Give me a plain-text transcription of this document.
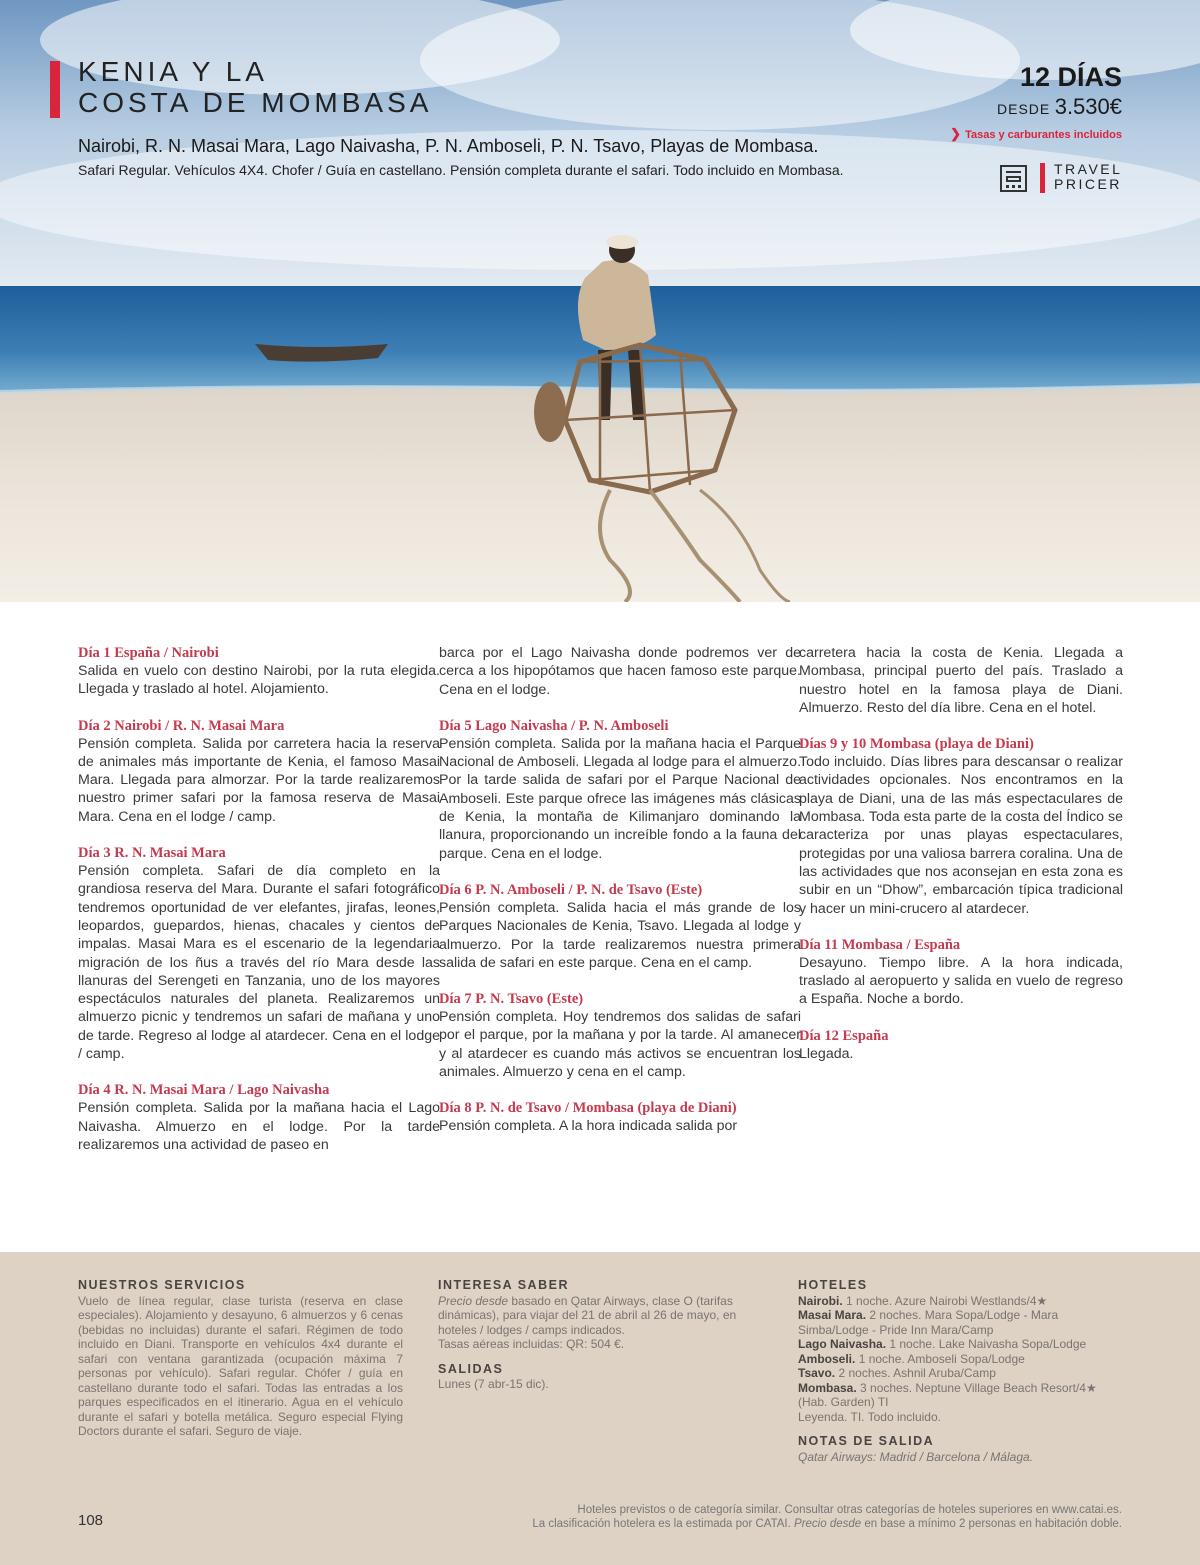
KENIA Y LA
COSTA DE MOMBASA
Nairobi, R. N. Masai Mara, Lago Naivasha, P. N. Amboseli, P. N. Tsavo, Playas de Mombasa.
Safari Regular. Vehículos 4X4. Chofer / Guía en castellano. Pensión completa durante el safari. Todo incluido en Mombasa.
12 DÍAS
DESDE 3.530€
❯ Tasas y carburantes incluidos
TRAVEL
PRICER
Día 1 España / Nairobi
Salida en vuelo con destino Nairobi, por la ruta elegida. Llegada y traslado al hotel. Alojamiento.
Día 2 Nairobi / R. N. Masai Mara
Pensión completa. Salida por carretera hacia la reserva de animales más importante de Kenia, el famoso Masai Mara. Llegada para almorzar. Por la tarde realizaremos nuestro primer safari por la famosa reserva de Masai Mara. Cena en el lodge / camp.
Día 3 R. N. Masai Mara
Pensión completa. Safari de día completo en la grandiosa reserva del Mara. Durante el safari fotográfico tendremos oportunidad de ver elefantes, jirafas, leones, leopardos, guepardos, hienas, chacales y cientos de impalas. Masai Mara es el escenario de la legendaria migración de los ñus a través del río Mara desde las llanuras del Serengeti en Tanzania, uno de los mayores espectáculos naturales del planeta. Realizaremos un almuerzo picnic y tendremos un safari de mañana y uno de tarde. Regreso al lodge al atardecer. Cena en el lodge / camp.
Día 4 R. N. Masai Mara / Lago Naivasha
Pensión completa. Salida por la mañana hacia el Lago Naivasha. Almuerzo en el lodge. Por la tarde realizaremos una actividad de paseo en
barca por el Lago Naivasha donde podremos ver de cerca a los hipopótamos que hacen famoso este parque. Cena en el lodge.
Día 5 Lago Naivasha / P. N. Amboseli
Pensión completa. Salida por la mañana hacia el Parque Nacional de Amboseli. Llegada al lodge para el almuerzo. Por la tarde salida de safari por el Parque Nacional de Amboseli. Este parque ofrece las imágenes más clásicas de Kenia, la montaña de Kilimanjaro dominando la llanura, proporcionando un increíble fondo a la fauna del parque. Cena en el lodge.
Día 6 P. N. Amboseli / P. N. de Tsavo (Este)
Pensión completa. Salida hacia el más grande de los Parques Nacionales de Kenia, Tsavo. Llegada al lodge y almuerzo. Por la tarde realizaremos nuestra primera salida de safari en este parque. Cena en el camp.
Día 7 P. N. Tsavo (Este)
Pensión completa. Hoy tendremos dos salidas de safari por el parque, por la mañana y por la tarde. Al amanecer y al atardecer es cuando más activos se encuentran los animales. Almuerzo y cena en el camp.
Día 8 P. N. de Tsavo / Mombasa (playa de Diani)
Pensión completa. A la hora indicada salida por
carretera hacia la costa de Kenia. Llegada a Mombasa, principal puerto del país. Traslado a nuestro hotel en la famosa playa de Diani. Almuerzo. Resto del día libre. Cena en el hotel.
Días 9 y 10 Mombasa (playa de Diani)
Todo incluido. Días libres para descansar o realizar actividades opcionales. Nos encontramos en la playa de Diani, una de las más espectaculares de Mombasa. Toda esta parte de la costa del Índico se caracteriza por unas playas espectaculares, protegidas por una valiosa barrera coralina. Una de las actividades que nos aconsejan en esta zona es subir en un “Dhow”, embarcación típica tradicional y hacer un mini-crucero al atardecer.
Día 11 Mombasa / España
Desayuno. Tiempo libre. A la hora indicada, traslado al aeropuerto y salida en vuelo de regreso a España. Noche a bordo.
Día 12 España
Llegada.
NUESTROS SERVICIOS
Vuelo de línea regular, clase turista (reserva en clase especiales). Alojamiento y desayuno, 6 almuerzos y 6 cenas (bebidas no incluidas) durante el safari. Régimen de todo incluido en Diani. Transporte en vehículos 4x4 durante el safari con ventana garantizada (ocupación máxima 7 personas por vehículo). Safari regular. Chófer / guía en castellano durante todo el safari. Todas las entradas a los parques especificados en el itinerario. Agua en el vehículo durante el safari y botella metálica. Seguro especial Flying Doctors durante el safari. Seguro de viaje.
INTERESA SABER
Precio desde basado en Qatar Airways, clase O (tarifas dinámicas), para viajar del 21 de abril al 26 de mayo, en hoteles / lodges / camps indicados.
Tasas aéreas incluidas: QR: 504 €.
SALIDAS
Lunes (7 abr-15 dic).
HOTELES
Nairobi. 1 noche. Azure Nairobi Westlands/4★
Masai Mara. 2 noches. Mara Sopa/Lodge - Mara Simba/Lodge - Pride Inn Mara/Camp
Lago Naivasha. 1 noche. Lake Naivasha Sopa/Lodge
Amboseli. 1 noche. Amboseli Sopa/Lodge
Tsavo. 2 noches. Ashnil Aruba/Camp
Mombasa. 3 noches. Neptune Village Beach Resort/4★ (Hab. Garden) TI
Leyenda. TI. Todo incluido.
NOTAS DE SALIDA
Qatar Airways: Madrid / Barcelona / Málaga.
108
Hoteles previstos o de categoría similar. Consultar otras categorías de hoteles superiores en www.catai.es.
La clasificación hotelera es la estimada por CATAI. Precio desde en base a mínimo 2 personas en habitación doble.
